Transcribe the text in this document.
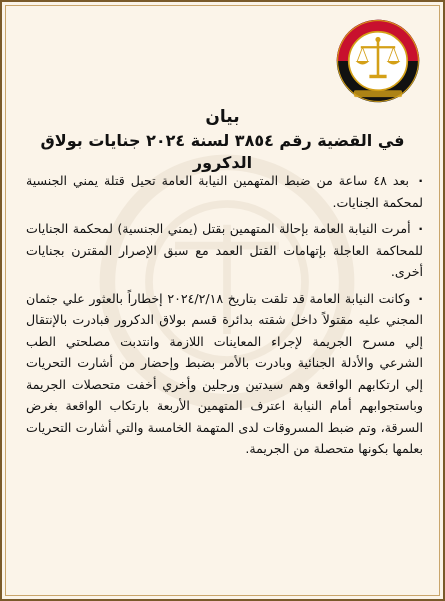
بيان
في القضية رقم ٣٨٥٤ لسنة ٢٠٢٤ جنايات بولاق الدكرور

· بعد ٤٨ ساعة من ضبط المتهمين النيابة العامة تحيل قتلة يمني الجنسية لمحكمة الجنايات.

· أمرت النيابة العامة بإحالة المتهمين بقتل (يمني الجنسية) لمحكمة الجنايات للمحاكمة العاجلة بإتهامات القتل العمد مع سبق الإصرار المقترن بجنايات أخرى.

· وكانت النيابة العامة قد تلقت بتاريخ ٢٠٢٤/٢/١٨ إخطاراً بالعثور علي جثمان المجني عليه مقتولاً داخل شقته بدائرة قسم بولاق الدكرور فبادرت بالإنتقال إلي مسرح الجريمة لإجراء المعاينات اللازمة وانتدبت مصلحتي الطب الشرعي والأدلة الجنائية وبادرت بالأمر بضبط وإحضار من أشارت التحريات إلي ارتكابهم الواقعة وهم سيدتين ورجلين وأخري أخفت متحصلات الجريمة وباستجوابهم أمام النيابة اعترف المتهمين الأربعة بارتكاب الواقعة بغرض السرقة، وتم ضبط المسروقات لدى المتهمة الخامسة والتي أشارت التحريات بعلمها بكونها متحصلة من الجريمة.
